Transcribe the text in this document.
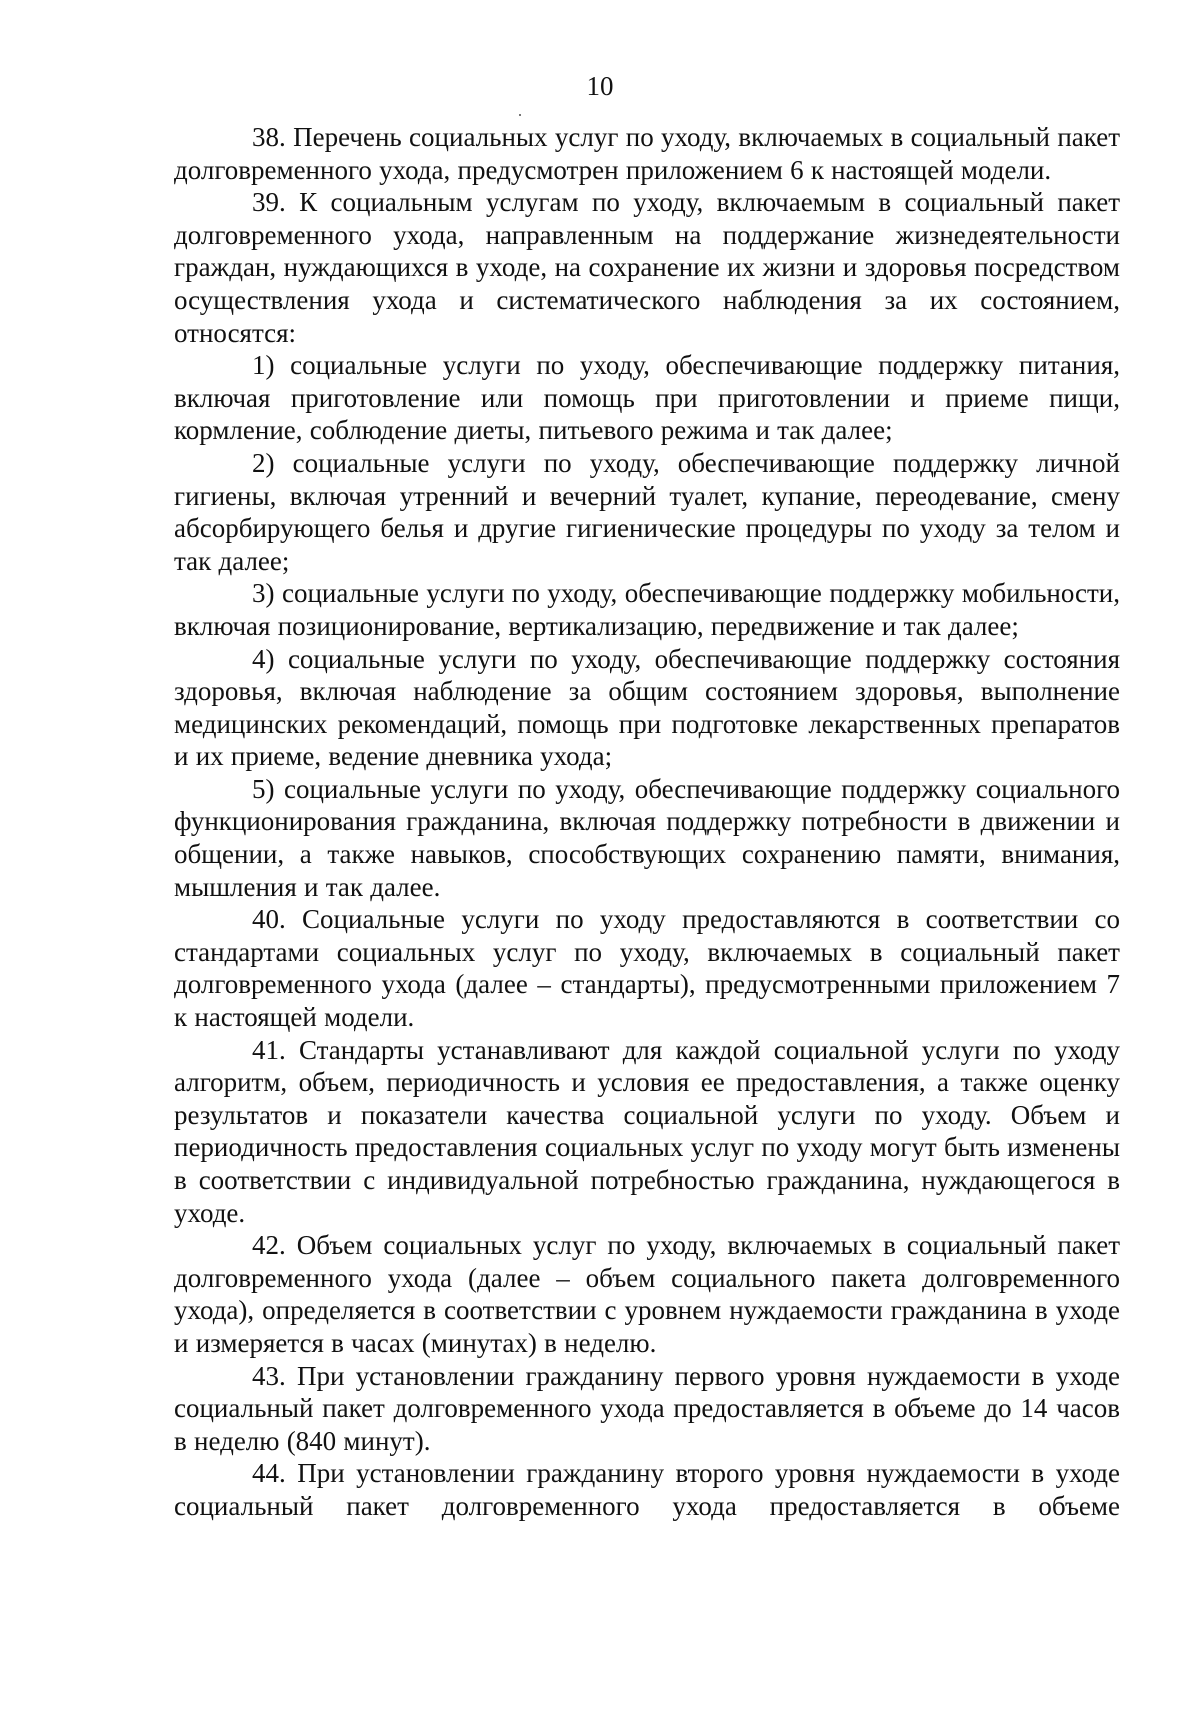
10

38. Перечень социальных услуг по уходу, включаемых в социальный пакет долговременного ухода, предусмотрен приложением 6 к настоящей модели.

39. К социальным услугам по уходу, включаемым в социальный пакет долговременного ухода, направленным на поддержание жизнедеятельности граждан, нуждающихся в уходе, на сохранение их жизни и здоровья посредством осуществления ухода и систематического наблюдения за их состоянием, относятся:

1) социальные услуги по уходу, обеспечивающие поддержку питания, включая приготовление или помощь при приготовлении и приеме пищи, кормление, соблюдение диеты, питьевого режима и так далее;

2) социальные услуги по уходу, обеспечивающие поддержку личной гигиены, включая утренний и вечерний туалет, купание, переодевание, смену абсорбирующего белья и другие гигиенические процедуры по уходу за телом и так далее;

3) социальные услуги по уходу, обеспечивающие поддержку мобильности, включая позиционирование, вертикализацию, передвижение и так далее;

4) социальные услуги по уходу, обеспечивающие поддержку состояния здоровья, включая наблюдение за общим состоянием здоровья, выполнение медицинских рекомендаций, помощь при подготовке лекарственных препаратов и их приеме, ведение дневника ухода;

5) социальные услуги по уходу, обеспечивающие поддержку социального функционирования гражданина, включая поддержку потребности в движении и общении, а также навыков, способствующих сохранению памяти, внимания, мышления и так далее.

40. Социальные услуги по уходу предоставляются в соответствии со стандартами социальных услуг по уходу, включаемых в социальный пакет долговременного ухода (далее – стандарты), предусмотренными приложением 7 к настоящей модели.

41. Стандарты устанавливают для каждой социальной услуги по уходу алгоритм, объем, периодичность и условия ее предоставления, а также оценку результатов и показатели качества социальной услуги по уходу. Объем и периодичность предоставления социальных услуг по уходу могут быть изменены в соответствии с индивидуальной потребностью гражданина, нуждающегося в уходе.

42. Объем социальных услуг по уходу, включаемых в социальный пакет долговременного ухода (далее – объем социального пакета долговременного ухода), определяется в соответствии с уровнем нуждаемости гражданина в уходе и измеряется в часах (минутах) в неделю.

43. При установлении гражданину первого уровня нуждаемости в уходе социальный пакет долговременного ухода предоставляется в объеме до 14 часов в неделю (840 минут).

44. При установлении гражданину второго уровня нуждаемости в уходе социальный пакет долговременного ухода предоставляется в объеме
